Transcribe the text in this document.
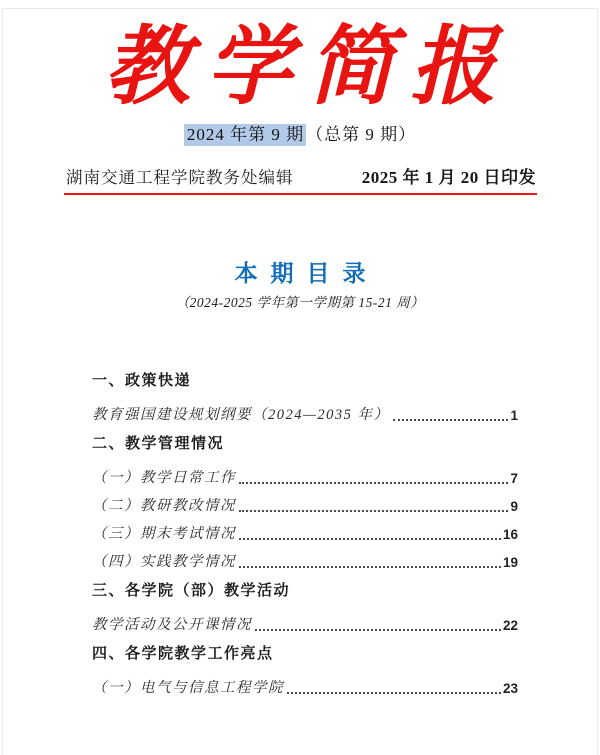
教学简报
2024 年第 9 期 （总第 9 期）
湖南交通工程学院教务处编辑	2025 年 1 月 20 日印发
本期目录
（2024-2025 学年第一学期第 15-21 周）
一、政策快递
教育强国建设规划纲要（2024—2035 年）	1
二、教学管理情况
（一）教学日常工作	7
（二）教研教改情况	9
（三）期末考试情况	16
（四）实践教学情况	19
三、各学院（部）教学活动
教学活动及公开课情况	22
四、各学院教学工作亮点
（一）电气与信息工程学院	23
